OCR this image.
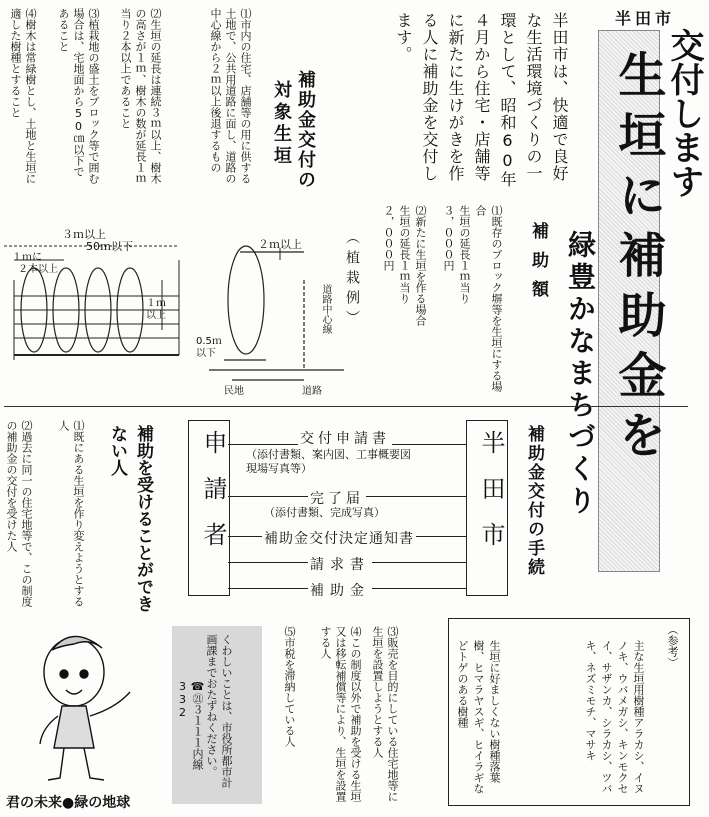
半田市
交付します
生垣に補助金を
緑豊かなまちづくり
半田市は、快適で良好な生活環境づくりの一環として、昭和60年４月から住宅・店舗等に新たに生けがきを作る人に補助金を交付します。
補助金交付の
対象生垣
⑴市内の住宅、店舗等の用に供する土地で、公共用道路に面し、道路の中心線から２ｍ以上後退するもの
⑵生垣の延長は連続３ｍ以上、樹木の高さが１ｍ、樹木の数が延長１ｍ当り２本以上であること
⑶植栽地の盛土をブロック等で囲む場合は、宅地面から50㎝以下であること
⑷樹木は常緑樹とし、土地と生垣に適した樹種とすること
補助額
⑴既存のブロック塀等を生垣にする場合
生垣の延長１ｍ当り
３，０００円
⑵新たに生垣を作る場合
生垣の延長１ｍ当り
２，０００円
（植栽例）
３ｍ以上
50ｍ以下
１ｍに
２本以上
１ｍ
以上
２ｍ以上
道路中心線
0.5ｍ
以下
民地	道路
補助金交付の手続
申請者	半田市
交付申請書
（添付書類、案内図、工事概要図
現場写真等）
完了届
（添付書類、完成写真）
補助金交付決定通知書
請求書
補助金
補助を受けることができない人
⑴既にある生垣を作り変えようとする人
⑵過去に同一の住宅地等で、この制度の補助金の交付を受けた人
⑶販売を目的にしている住宅地等に生垣を設置しようとする人
⑷この制度以外で補助を受ける生垣又は移転補償等により、生垣を設置する人
⑸市税を滞納している人	（参考）

主な生垣用樹種アラカシ、イヌノキ、ウバメガシ、キンモクセイ、サザンカ、シラカシ、ツバキ、ネズミモチ、マサキ

生垣に好ましくない樹種落葉樹、ヒマラヤスギ、ヒイラギなどトゲのある樹種

くわしいことは、市役所都市計画課までおたずねください。
☎㉑３１１１内線332
君の未来●緑の地球
